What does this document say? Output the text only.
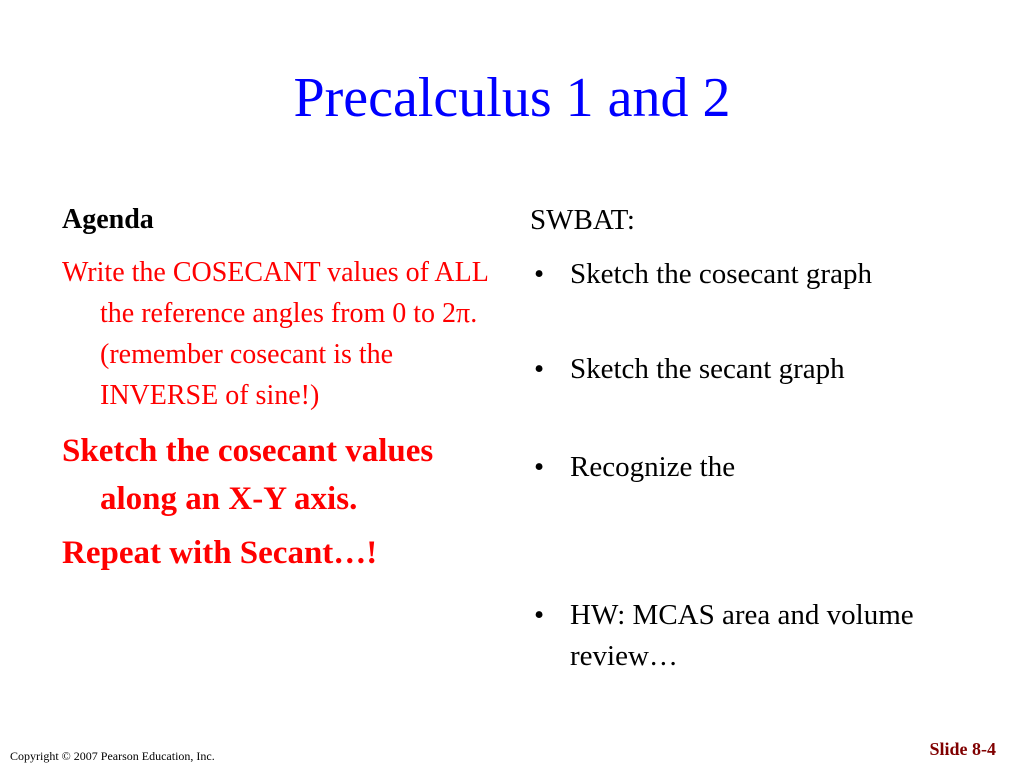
Precalculus 1 and 2
Agenda
Write the COSECANT values of ALL the reference angles from 0 to 2π. (remember cosecant is the INVERSE of sine!)
Sketch the cosecant values along an X-Y axis.
Repeat with Secant…!
SWBAT:
• Sketch the cosecant graph
• Sketch the secant graph
• Recognize the
• HW: MCAS area and volume review…
Copyright © 2007 Pearson Education, Inc.	Slide 8-4
